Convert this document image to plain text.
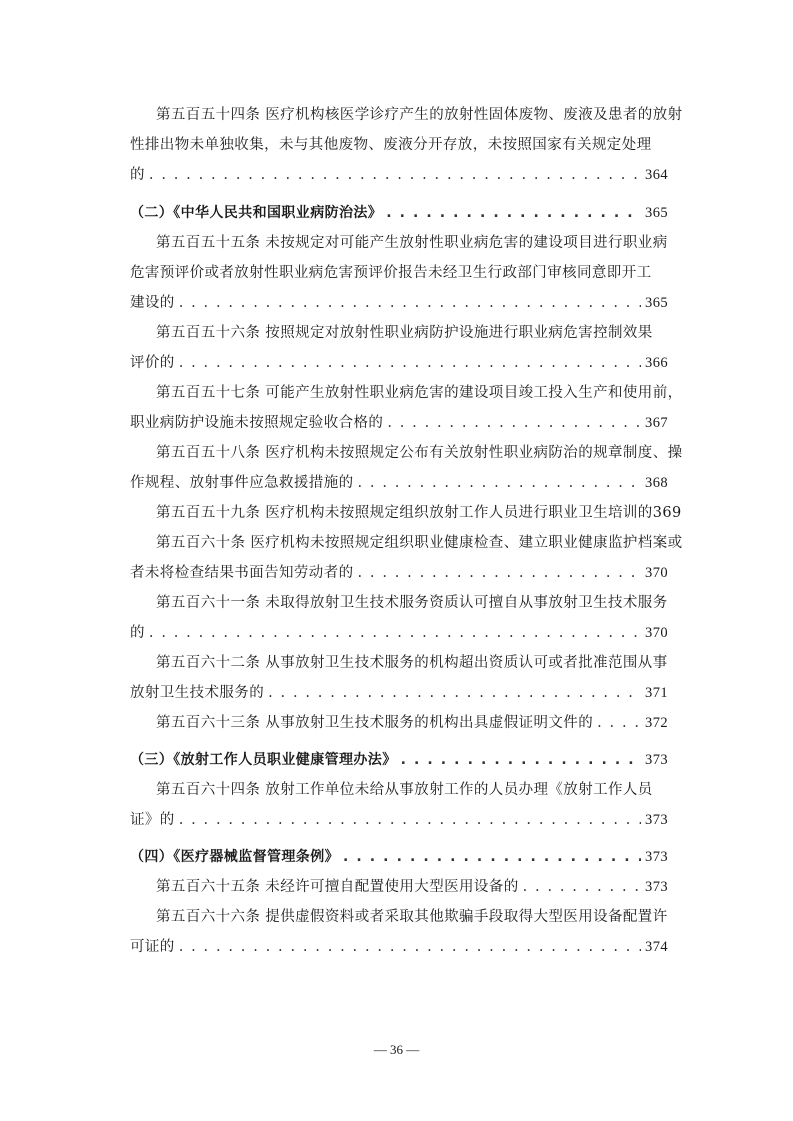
第五百五十四条 医疗机构核医学诊疗产生的放射性固体废物、废液及患者的放射
性排出物未单独收集，未与其他废物、废液分开存放，未按照国家有关规定处理
的 . . .	364
（二）《中华人民共和国职业病防治法》 . . .	365
第五百五十五条 未按规定对可能产生放射性职业病危害的建设项目进行职业病
危害预评价或者放射性职业病危害预评价报告未经卫生行政部门审核同意即开工
建设的 . . .	365
第五百五十六条 按照规定对放射性职业病防护设施进行职业病危害控制效果
评价的 . . .	366
第五百五十七条 可能产生放射性职业病危害的建设项目竣工投入生产和使用前，
职业病防护设施未按照规定验收合格的 . . .	367
第五百五十八条 医疗机构未按照规定公布有关放射性职业病防治的规章制度、操
作规程、放射事件应急救援措施的 . . .	368
第五百五十九条 医疗机构未按照规定组织放射工作人员进行职业卫生培训的369
第五百六十条 医疗机构未按照规定组织职业健康检查、建立职业健康监护档案或
者未将检查结果书面告知劳动者的 . . .	370
第五百六十一条 未取得放射卫生技术服务资质认可擅自从事放射卫生技术服务
的 . . .	370
第五百六十二条 从事放射卫生技术服务的机构超出资质认可或者批准范围从事
放射卫生技术服务的 . . .	371
第五百六十三条 从事放射卫生技术服务的机构出具虚假证明文件的 . . .	372
（三）《放射工作人员职业健康管理办法》 . . .	373
第五百六十四条 放射工作单位未给从事放射工作的人员办理《放射工作人员
证》的 . . .	373
（四）《医疗器械监督管理条例》 . . .	373
第五百六十五条 未经许可擅自配置使用大型医用设备的 . . .	373
第五百六十六条 提供虚假资料或者采取其他欺骗手段取得大型医用设备配置许
可证的 . . .	374
— 36 —
